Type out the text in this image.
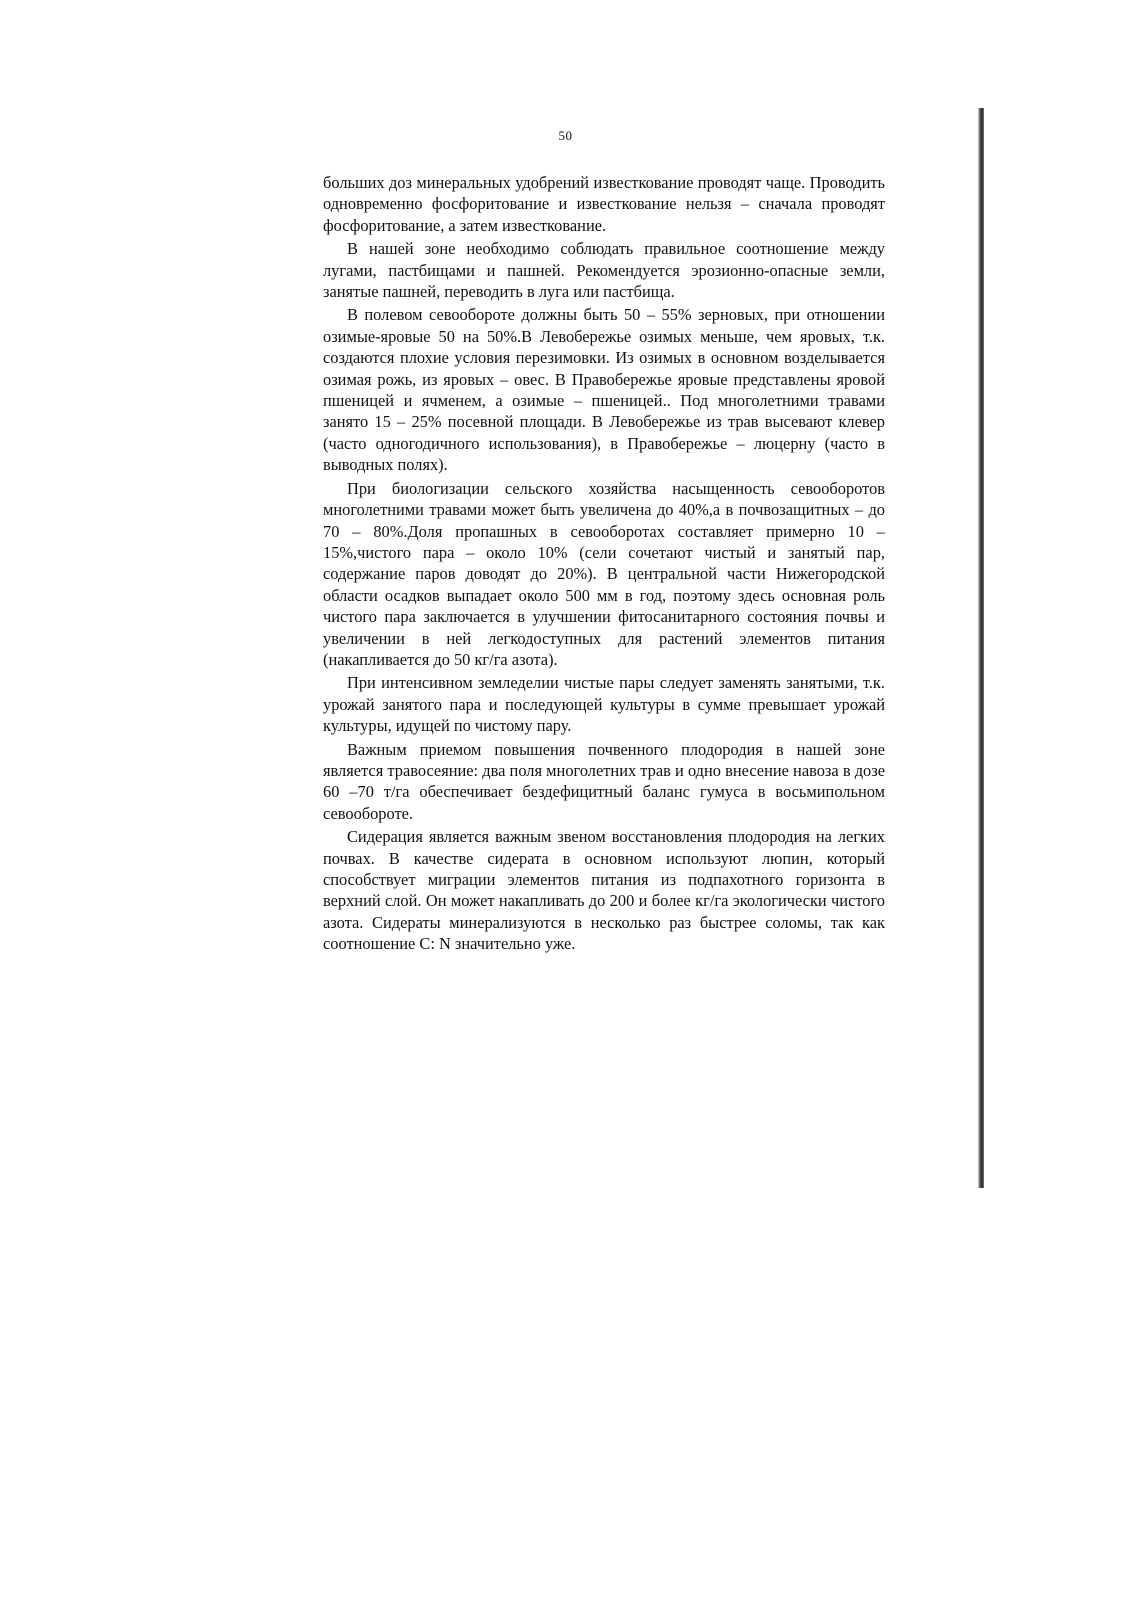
50

больших доз минеральных удобрений известкование проводят чаще. Проводить одновременно фосфоритование и известкование нельзя – сначала проводят фосфоритование, а затем известкование.

В нашей зоне необходимо соблюдать правильное соотношение между лугами, пастбищами и пашней. Рекомендуется эрозионно-опасные земли, занятые пашней, переводить в луга или пастбища.

В полевом севообороте должны быть 50 – 55% зерновых, при отношении озимые-яровые 50 на 50%.В Левобережье озимых меньше, чем яровых, т.к. создаются плохие условия перезимовки. Из озимых в основном возделывается озимая рожь, из яровых – овес. В Правобережье яровые представлены яровой пшеницей и ячменем, а озимые – пшеницей.. Под многолетними травами занято 15 – 25% посевной площади. В Левобережье из трав высевают клевер (часто одногодичного использования), в Правобережье – люцерну (часто в выводных полях).

При биологизации сельского хозяйства насыщенность севооборотов многолетними травами может быть увеличена до 40%,а в почвозащитных – до 70 – 80%.Доля пропашных в севооборотах составляет примерно 10 – 15%,чистого пара – около 10% (сели сочетают чистый и занятый пар, содержание паров доводят до 20%). В центральной части Нижегородской области осадков выпадает около 500 мм в год, поэтому здесь основная роль чистого пара заключается в улучшении фитосанитарного состояния почвы и увеличении в ней легкодоступных для растений элементов питания (накапливается до 50 кг/га азота).

При интенсивном земледелии чистые пары следует заменять занятыми, т.к. урожай занятого пара и последующей культуры в сумме превышает урожай культуры, идущей по чистому пару.

Важным приемом повышения почвенного плодородия в нашей зоне является травосеяние: два поля многолетних трав и одно внесение навоза в дозе 60 –70 т/га обеспечивает бездефицитный баланс гумуса в восьмипольном севообороте.

Сидерация является важным звеном восстановления плодородия на легких почвах. В качестве сидерата в основном используют люпин, который способствует миграции элементов питания из подпахотного горизонта в верхний слой. Он может накапливать до 200 и более кг/га экологически чистого азота. Сидераты минерализуются в несколько раз быстрее соломы, так как соотношение C: N значительно уже.
